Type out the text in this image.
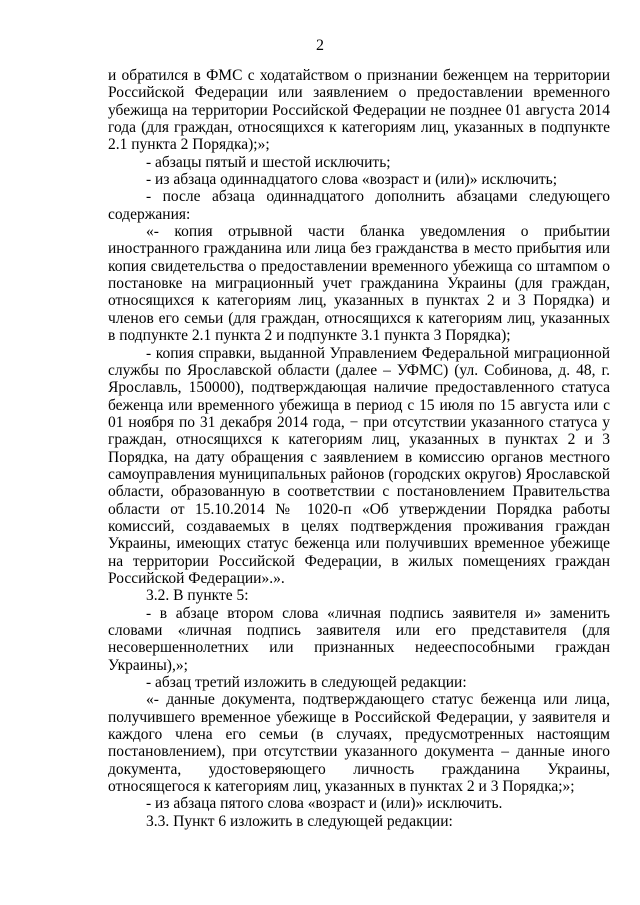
2

и обратился в ФМС с ходатайством о признании беженцем на территории Российской Федерации или заявлением о предоставлении временного убежища на территории Российской Федерации не позднее 01 августа 2014 года (для граждан, относящихся к категориям лиц, указанных в подпункте 2.1 пункта 2 Порядка);»;

- абзацы пятый и шестой исключить;

- из абзаца одиннадцатого слова «возраст и (или)» исключить;

- после абзаца одиннадцатого дополнить абзацами следующего содержания:

«- копия отрывной части бланка уведомления о прибытии иностранного гражданина или лица без гражданства в место прибытия или копия свидетельства о предоставлении временного убежища со штампом о постановке на миграционный учет гражданина Украины (для граждан, относящихся к категориям лиц, указанных в пунктах 2 и 3 Порядка) и членов его семьи (для граждан, относящихся к категориям лиц, указанных в подпункте 2.1 пункта 2 и подпункте 3.1 пункта 3 Порядка);

- копия справки, выданной Управлением Федеральной миграционной службы по Ярославской области (далее – УФМС) (ул. Собинова, д. 48, г. Ярославль, 150000), подтверждающая наличие предоставленного статуса беженца или временного убежища в период с 15 июля по 15 августа или с 01 ноября по 31 декабря 2014 года, − при отсутствии указанного статуса у граждан, относящихся к категориям лиц, указанных в пунктах 2 и 3 Порядка, на дату обращения с заявлением в комиссию органов местного самоуправления муниципальных районов (городских округов) Ярославской области, образованную в соответствии с постановлением Правительства области от 15.10.2014 № 1020-п «Об утверждении Порядка работы комиссий, создаваемых в целях подтверждения проживания граждан Украины, имеющих статус беженца или получивших временное убежище на территории Российской Федерации, в жилых помещениях граждан Российской Федерации».».

3.2. В пункте 5:

- в абзаце втором слова «личная подпись заявителя и» заменить словами «личная подпись заявителя или его представителя (для несовершеннолетних или признанных недееспособными граждан Украины),»;

- абзац третий изложить в следующей редакции:

«- данные документа, подтверждающего статус беженца или лица, получившего временное убежище в Российской Федерации, у заявителя и каждого члена его семьи (в случаях, предусмотренных настоящим постановлением), при отсутствии указанного документа – данные иного документа, удостоверяющего личность гражданина Украины, относящегося к категориям лиц, указанных в пунктах 2 и 3 Порядка;»;

- из абзаца пятого слова «возраст и (или)» исключить.

3.3. Пункт 6 изложить в следующей редакции:
